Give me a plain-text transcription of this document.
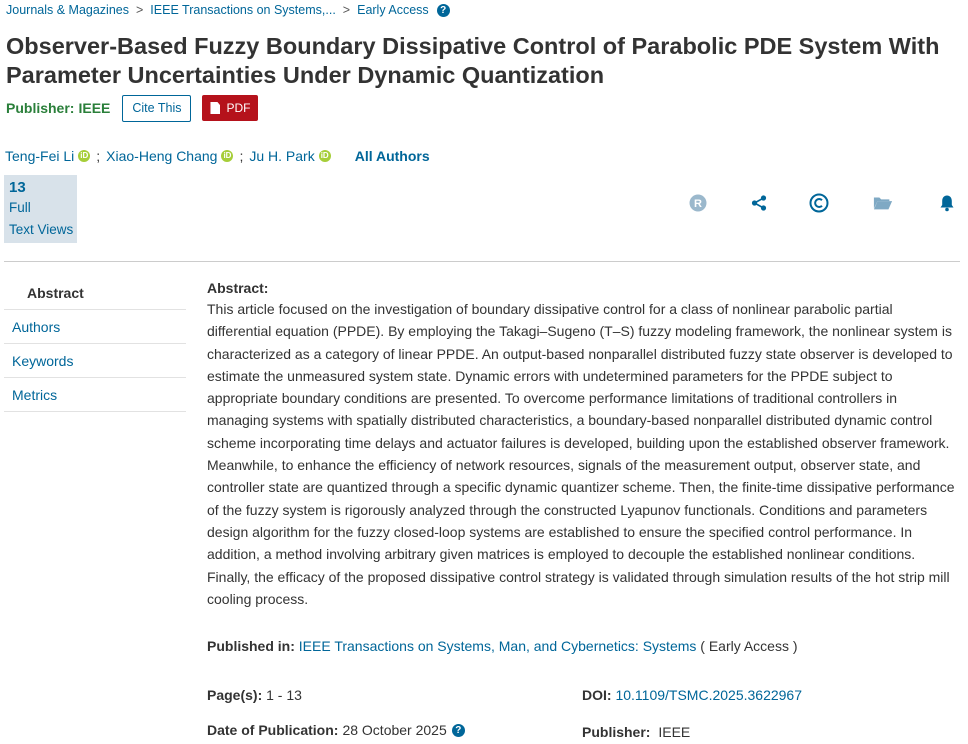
Journals & Magazines > IEEE Transactions on Systems,... > Early Access	?
Observer-Based Fuzzy Boundary Dissipative Control of Parabolic PDE System With Parameter Uncertainties Under Dynamic Quantization
Publisher: IEEE	Cite This	PDF
Teng-Fei Li iD ; Xiao-Heng Chang iD ; Ju H. Park iD All Authors
13
Full
Text Views
R
Abstract
Authors
Keywords
Metrics
Abstract:
This article focused on the investigation of boundary dissipative control for a class of nonlinear parabolic partial differential equation (PPDE). By employing the Takagi–Sugeno (T–S) fuzzy modeling framework, the nonlinear system is characterized as a category of linear PPDE. An output-based nonparallel distributed fuzzy state observer is developed to estimate the unmeasured system state. Dynamic errors with undetermined parameters for the PPDE subject to appropriate boundary conditions are presented. To overcome performance limitations of traditional controllers in managing systems with spatially distributed characteristics, a boundary-based nonparallel distributed dynamic control scheme incorporating time delays and actuator failures is developed, building upon the established observer framework. Meanwhile, to enhance the efficiency of network resources, signals of the measurement output, observer state, and controller state are quantized through a specific dynamic quantizer scheme. Then, the finite-time dissipative performance of the fuzzy system is rigorously analyzed through the constructed Lyapunov functionals. Conditions and parameters design algorithm for the fuzzy closed-loop systems are established to ensure the specified control performance. In addition, a method involving arbitrary given matrices is employed to decouple the established nonlinear conditions. Finally, the efficacy of the proposed dissipative control strategy is validated through simulation results of the hot strip mill cooling process.
Published in: IEEE Transactions on Systems, Man, and Cybernetics: Systems ( Early Access )
Page(s): 1 - 13	DOI: 10.1109/TSMC.2025.3622967
Date of Publication: 28 October 2025 ?	Publisher: IEEE
